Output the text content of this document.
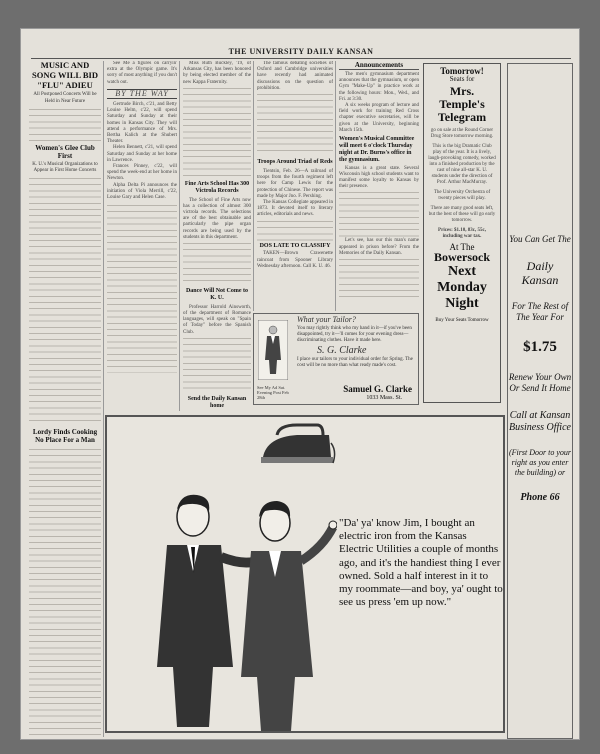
THE UNIVERSITY DAILY KANSAN
MUSIC AND SONG WILL BID "FLU" ADIEU
All Postponed Concerts Will be Held in Near Future
Women's Glee Club First
K. U.'s Musical Organizations to Appear in First Home Concerts
Lordy Finds Cooking No Place For a Man

See Me a figures on carryin' extra at the Olympic game. It's sorry of most anything if you don't watch out.

BY THE WAY

Gertrude Birch, c'21, and Betty Louise Helm, c'22, will spend Saturday and Sunday at their homes in Kansas City. They will attend a performance of Mrs. Bertha Kalich at the Shubert Theater.

Helen Bennett, c'21, will spend Saturday and Sunday at her home in Lawrence.

Frances Pinney, c'22, will spend the week-end at her home in Newton.

Alpha Delta Pi announces the initiation of Viola Merrill, c'22, Louise Gary and Helen Case.

Miss Ruth Buckley, '19, of Arkansas City, has been honored by being elected member of the new Kappa Fraternity.

Fine Arts School Has 300 Victrola Records

The School of Fine Arts now has a collection of almost 300 victrola records. The selections are of the best obtainable and particularly the pipe organ records are being used by the students in this department.

Dance Will Not Come to K. U.

Professor Harrold Ainsworth, of the department of Romance languages, will speak on "Spain of Today" before the Spanish Club.

Send the Daily Kansan home

The famous debating societies of Oxford and Cambridge universities have recently had animated discussions on the question of prohibition.

Troops Around Triad of Reds

Tientsin, Feb. 26—A railroad of troops from the fourth regiment left here for Camp Lewis for the protection of Chinese. The report was made by Major Jno. F. Pershing.

The Kansas Collegiate appeared in 1873. It devoted itself to literary articles, editorials and news.

DOS LATE TO CLASSIFY

TAKEN—Brown Crawenette raincoat from Spooner Library Wednesday afternoon. Call K. U. 46.

Announcements

The men's gymnasium department announces that the gymnasium, or open Gym "Make-Up" in practice work at the following hours: Mon., Wed., and Fri. at 3:30.

A six weeks program of lecture and field work for training Red Cross chapter executive secretaries, will be given at the University, beginning March 15th.

Women's Musical Committee will meet 6 o'clock Thursday night at Dr. Burns's office in the gymnasium.

Kansas is a great state. Several Wisconsin high school students want to manifest some loyalty to Kansas by their presence.

Let's see, has our this man's name appeared in prison before? From the Memories of the Daily Kansan.

Tomorrow!
Seats for
Mrs.
Temple's
Telegram
go on sale at the Round Corner Drug Store tomorrow morning.
This is the big Dramatic Club play of the year. It is a lively, laugh-provoking comedy, worked into a finished production by the cast of nine all-star K. U. students under the direction of Prof. Arthur MacMurray.
The University Orchestra of twenty pieces will play.
There are many good seats left, but the best of these will go early tomorrow.
Prices: $1.10, 83c, 55c, including war tax.
At The
Bowersock
Next
Monday
Night
Buy Your Seats Tomorrow
You Can Get The
Daily Kansan
For The Rest of The Year For
$1.75
Renew Your Own Or Send It Home
Call at Kansan Business Office
(First Door to your right as you enter the building) or
Phone 66
See My Ad Sat. Evening Post Feb 28th
What your Tailor?
You may rightly think who my hand in it—if you've been disappointed, try it—'ll comes for your evening dress—discriminating clothes. Have it made here.
S. G. Clarke
I place our tailors to your individual order for Spring. The cost will be no more than what ready made's cost.
Samuel G. Clarke
1033 Mass. St.
"Da' ya' know Jim, I bought an electric iron from the Kansas Electric Utilities a couple of months ago, and it's the handiest thing I ever owned. Sold a half interest in it to my roommate—and boy, ya' ought to see us press 'em up now."
